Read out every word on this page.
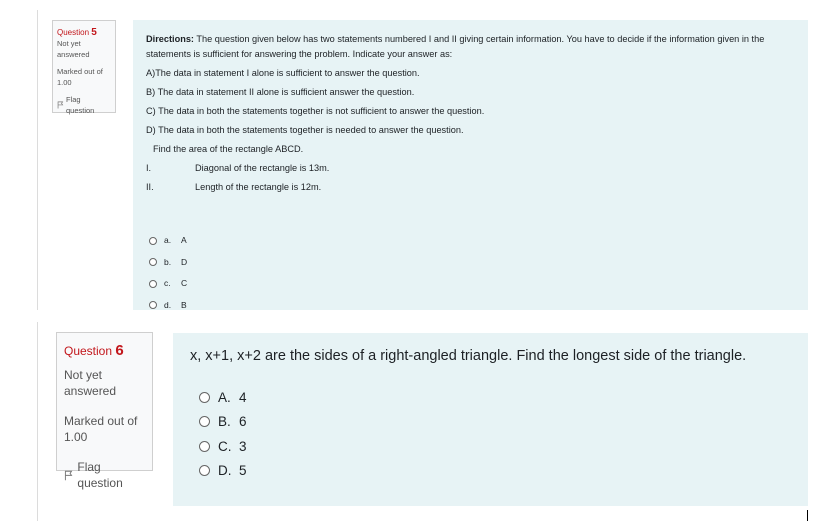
Question 5
Not yet answered
Marked out of
1.00
Flag question
Directions: The question given below has two statements numbered I and II giving certain information. You have to decide if the information given in the
statements is sufficient for answering the problem. Indicate your answer as:
A)The data in statement I alone is sufficient to answer the question.
B) The data in statement II alone is sufficient answer the question.
C) The data in both the statements together is not sufficient to answer the question.
D) The data in both the statements together is needed to answer the question.
Find the area of the rectangle ABCD.
I.	Diagonal of the rectangle is 13m.
II.	Length of the rectangle is 12m.
a.	A
b.	D
c.	C
d.	B
Question 6
Not yet answered
Marked out of
1.00
Flag question
x, x+1, x+2 are the sides of a right-angled triangle. Find the longest side of the triangle.
A. 4
B. 6
C. 3
D. 5
